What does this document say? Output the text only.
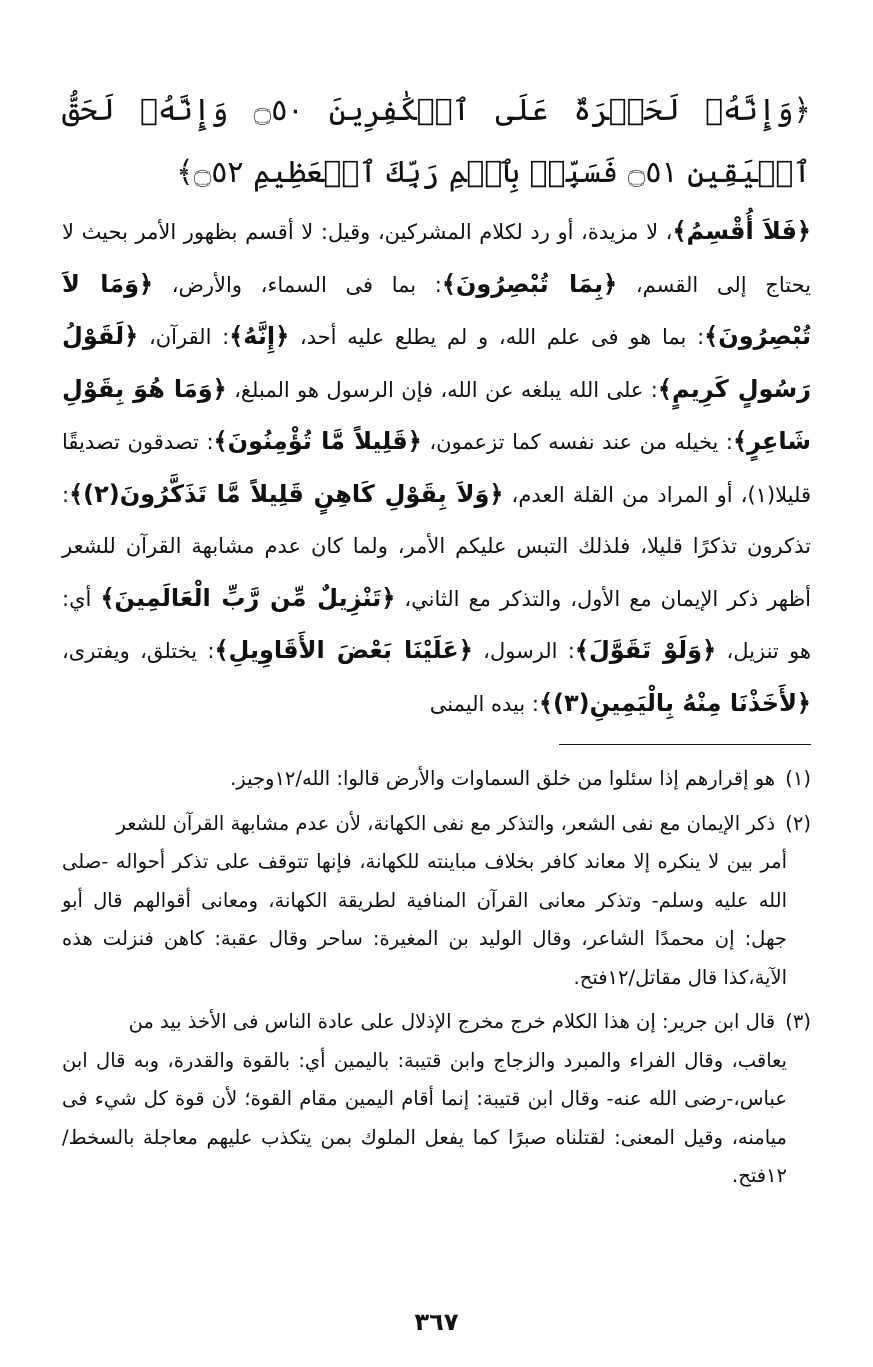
﴿وَإِنَّهُۥ لَحَسۡرَةٌ عَلَى ٱلۡكَٰفِرِينَ ۝٥٠ وَإِنَّهُۥ لَحَقُّ ٱلۡيَقِينِ ۝٥١ فَسَبِّحۡ بِٱسۡمِ رَبِّكَ ٱلۡعَظِيمِ ۝٥٢﴾
﴿فَلاَ أُقْسِمُ﴾، لا مزيدة، أو رد لكلام المشركين، وقيل: لا أقسم بظهور الأمر بحيث لا يحتاج إلى القسم، ﴿بِمَا تُبْصِرُونَ﴾: بما فى السماء، والأرض، ﴿وَمَا لاَ تُبْصِرُونَ﴾: بما هو فى علم الله، و لم يطلع عليه أحد، ﴿إِنَّهُ﴾: القرآن، ﴿لَقَوْلُ رَسُولٍ كَرِيمٍ﴾: على الله يبلغه عن الله، فإن الرسول هو المبلغ، ﴿وَمَا هُوَ بِقَوْلِ شَاعِرٍ﴾: يخيله من عند نفسه كما تزعمون، ﴿قَلِيلاً مَّا تُؤْمِنُونَ﴾: تصدقون تصديقًا قليلا(١)، أو المراد من القلة العدم، ﴿وَلاَ بِقَوْلِ كَاهِنٍ قَلِيلاً مَّا تَذَكَّرُونَ(٢)﴾: تذكرون تذكرًا قليلا، فلذلك التبس عليكم الأمر، ولما كان عدم مشابهة القرآن للشعر أظهر ذكر الإيمان مع الأول، والتذكر مع الثاني، ﴿تَنْزِيلٌ مِّن رَّبِّ الْعَالَمِينَ﴾ أي: هو تنزيل، ﴿وَلَوْ تَقَوَّلَ﴾: الرسول، ﴿عَلَيْنَا بَعْضَ الأَقَاوِيلِ﴾: يختلق، ويفترى، ﴿لأَخَذْنَا مِنْهُ بِالْيَمِينِ(٣)﴾: بيده اليمنى
(١) هو إقرارهم إذا سئلوا من خلق السماوات والأرض قالوا: الله/١٢وجيز.
(٢) ذكر الإيمان مع نفى الشعر، والتذكر مع نفى الكهانة، لأن عدم مشابهة القرآن للشعر
أمر بين لا ينكره إلا معاند كافر بخلاف مباينته للكهانة، فإنها تتوقف على تذكر أحواله -صلى الله عليه وسلم- وتذكر معانى القرآن المنافية لطريقة الكهانة، ومعانى أقوالهم قال أبو جهل: إن محمدًا الشاعر، وقال الوليد بن المغيرة: ساحر وقال عقبة: كاهن فنزلت هذه الآية،كذا قال مقاتل/١٢فتح.
(٣) قال ابن جرير: إن هذا الكلام خرج مخرج الإذلال على عادة الناس فى الأخذ بيد من
يعاقب، وقال الفراء والمبرد والزجاج وابن قتيبة: باليمين أي: بالقوة والقدرة، وبه قال ابن عباس،-رضى الله عنه- وقال ابن قتيبة: إنما أقام اليمين مقام القوة؛ لأن قوة كل شيء فى ميامنه، وقيل المعنى: لقتلناه صبرًا كما يفعل الملوك بمن يتكذب عليهم معاجلة بالسخط/١٢فتح.
٣٦٧
